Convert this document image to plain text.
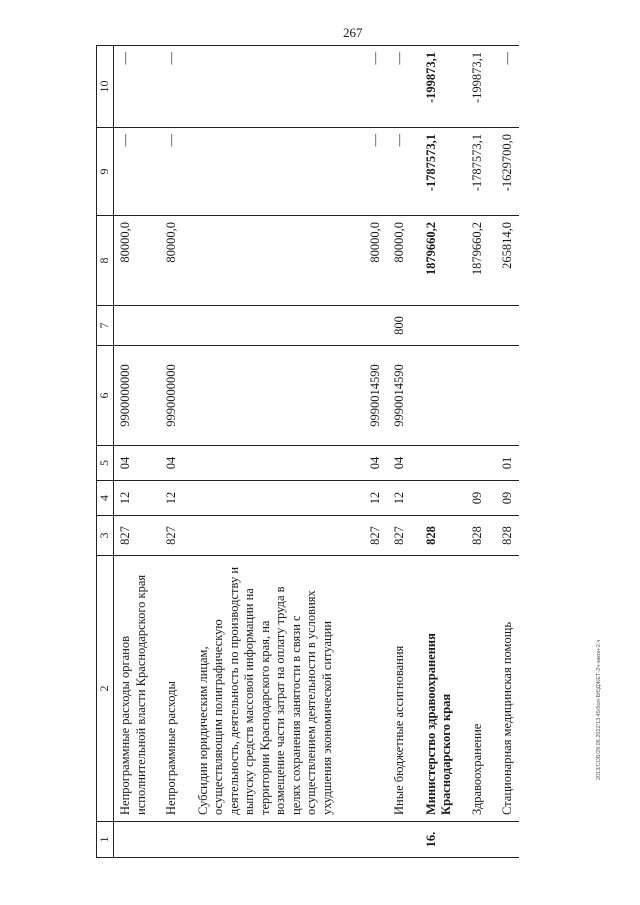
267
2013/СОБ/28.06.2022/13:45/бол-БЮДЖЕТ-2ч-закон-2.ч
1	2	3	4	5	6	7	8	9	10
	Непрограммные расходы органов исполнительной власти Краснодарского края	827	12	04	9900000000		80000,0	—	—
	Непрограммные расходы	827	12	04	9990000000		80000,0	—	—
	Субсидии юридическим лицам, осуществляющим полиграфическую деятельность, деятельность по производству и выпуску средств массовой информации на территории Краснодарского края, на возмещение части затрат на оплату труда в целях сохранения занятости в связи с осуществлением деятельности в условиях ухудшения экономической ситуации	827	12	04	9990014590		80000,0	—	—
	Иные бюджетные ассигнования	827	12	04	9990014590	800	80000,0	—	—
16.	Министерство здравоохранения Краснодарского края	828					1879660,2	-1787573,1	-199873,1
	Здравоохранение	828	09				1879660,2	-1787573,1	-199873,1
	Стационарная медицинская помощь	828	09	01			265814,0	-1629700,0	—
